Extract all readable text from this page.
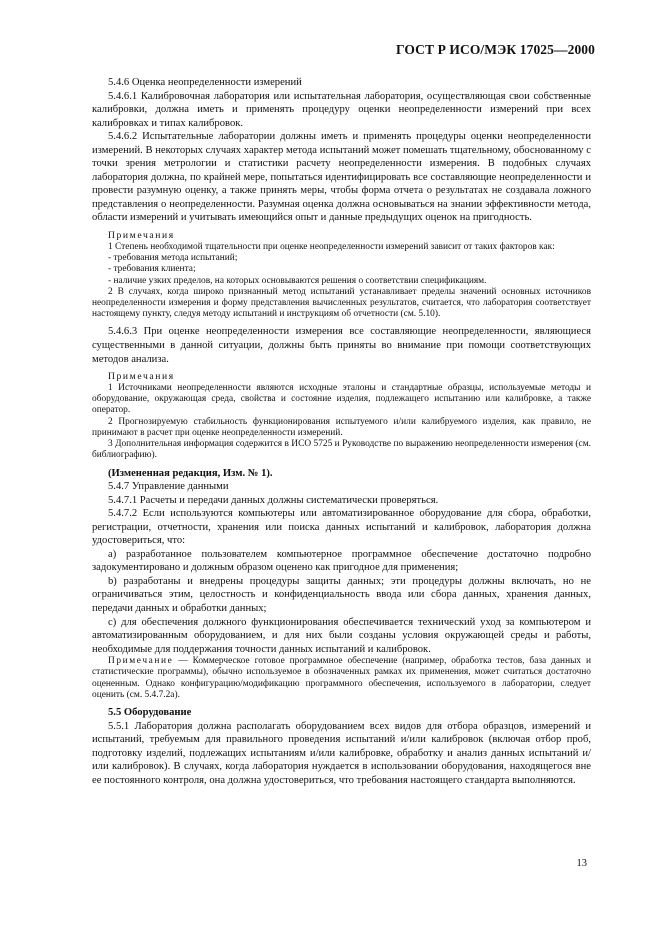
ГОСТ Р ИСО/МЭК 17025—2000

5.4.6 Оценка неопределенности измерений

5.4.6.1 Калибровочная лаборатория или испытательная лаборатория, осуществляющая свои собственные калибровки, должна иметь и применять процедуру оценки неопределенности измерений при всех калибровках и типах калибровок.

5.4.6.2 Испытательные лаборатории должны иметь и применять процедуры оценки неопределенности измерений. В некоторых случаях характер метода испытаний может помешать тщательному, обоснованному с точки зрения метрологии и статистики расчету неопределенности измерения. В подобных случаях лаборатория должна, по крайней мере, попытаться идентифицировать все составляющие неопределенности и провести разумную оценку, а также принять меры, чтобы форма отчета о результатах не создавала ложного представления о неопределенности. Разумная оценка должна основываться на знании эффективности метода, области измерений и учитывать имеющийся опыт и данные предыдущих оценок на пригодность.

Примечания

1 Степень необходимой тщательности при оценке неопределенности измерений зависит от таких факторов как:

- требования метода испытаний;

- требования клиента;

- наличие узких пределов, на которых основываются решения о соответствии спецификациям.

2 В случаях, когда широко признанный метод испытаний устанавливает пределы значений основных источников неопределенности измерения и форму представления вычисленных результатов, считается, что лаборатория соответствует настоящему пункту, следуя методу испытаний и инструкциям об отчетности (см. 5.10).

5.4.6.3 При оценке неопределенности измерения все составляющие неопределенности, являющиеся существенными в данной ситуации, должны быть приняты во внимание при помощи соответствующих методов анализа.

Примечания

1 Источниками неопределенности являются исходные эталоны и стандартные образцы, используемые методы и оборудование, окружающая среда, свойства и состояние изделия, подлежащего испытанию или калибровке, а также оператор.

2 Прогнозируемую стабильность функционирования испытуемого и/или калибруемого изделия, как правило, не принимают в расчет при оценке неопределенности измерений.

3 Дополнительная информация содержится в ИСО 5725 и Руководстве по выражению неопределенности измерения (см. библиографию).

(Измененная редакция, Изм. № 1).

5.4.7 Управление данными

5.4.7.1 Расчеты и передачи данных должны систематически проверяться.

5.4.7.2 Если используются компьютеры или автоматизированное оборудование для сбора, обработки, регистрации, отчетности, хранения или поиска данных испытаний и калибровок, лаборатория должна удостовериться, что:

а) разработанное пользователем компьютерное программное обеспечение достаточно подробно задокументировано и должным образом оценено как пригодное для применения;

b) разработаны и внедрены процедуры защиты данных; эти процедуры должны включать, но не ограничиваться этим, целостность и конфиденциальность ввода или сбора данных, хранения данных, передачи данных и обработки данных;

с) для обеспечения должного функционирования обеспечивается технический уход за компьютером и автоматизированным оборудованием, и для них были созданы условия окружающей среды и работы, необходимые для поддержания точности данных испытаний и калибровок.

Примечание — Коммерческое готовое программное обеспечение (например, обработка тестов, база данных и статистические программы), обычно используемое в обозначенных рамках их применения, может считаться достаточно оцененным. Однако конфигурацию/модификацию программного обеспечения, используемого в лаборатории, следует оценить (см. 5.4.7.2а).

5.5 Оборудование

5.5.1 Лаборатория должна располагать оборудованием всех видов для отбора образцов, измерений и испытаний, требуемым для правильного проведения испытаний и/или калибровок (включая отбор проб, подготовку изделий, подлежащих испытаниям и/или калибровке, обработку и анализ данных испытаний и/или калибровок). В случаях, когда лаборатория нуждается в использовании оборудования, находящегося вне ее постоянного контроля, она должна удостовериться, что требования настоящего стандарта выполняются.

13
